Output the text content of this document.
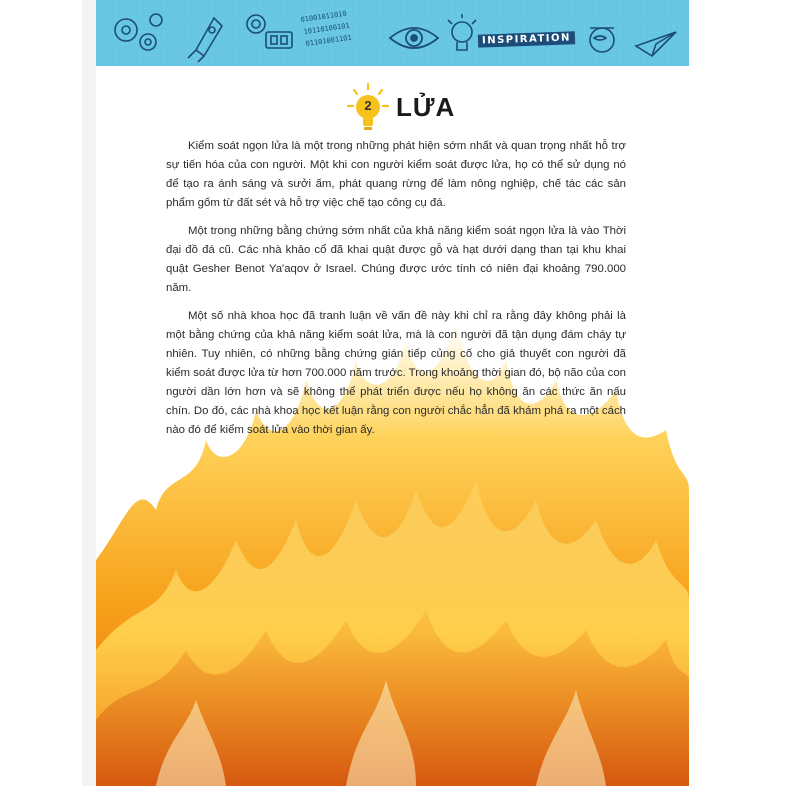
01001011010
10110100101
01101001101	INSPIRATION
2 LỬA

Kiểm soát ngọn lửa là một trong những phát hiện sớm nhất và quan trọng nhất hỗ trợ sự tiến hóa của con người. Một khi con người kiểm soát được lửa, họ có thể sử dụng nó để tạo ra ánh sáng và sưởi ấm, phát quang rừng để làm nông nghiệp, chế tác các sản phẩm gốm từ đất sét và hỗ trợ việc chế tạo công cụ đá.

Một trong những bằng chứng sớm nhất của khả năng kiểm soát ngọn lửa là vào Thời đại đồ đá cũ. Các nhà khảo cổ đã khai quật được gỗ và hạt dưới dạng than tại khu khai quật Gesher Benot Ya'aqov ở Israel. Chúng được ước tính có niên đại khoảng 790.000 năm.

Một số nhà khoa học đã tranh luận về vấn đề này khi chỉ ra rằng đây không phải là một bằng chứng của khả năng kiểm soát lửa, mà là con người đã tận dụng đám cháy tự nhiên. Tuy nhiên, có những bằng chứng gián tiếp củng cố cho giả thuyết con người đã kiểm soát được lửa từ hơn 700.000 năm trước. Trong khoảng thời gian đó, bộ não của con người dần lớn hơn và sẽ không thể phát triển được nếu họ không ăn các thức ăn nấu chín. Do đó, các nhà khoa học kết luận rằng con người chắc hẳn đã khám phá ra một cách nào đó để kiểm soát lửa vào thời gian ấy.
